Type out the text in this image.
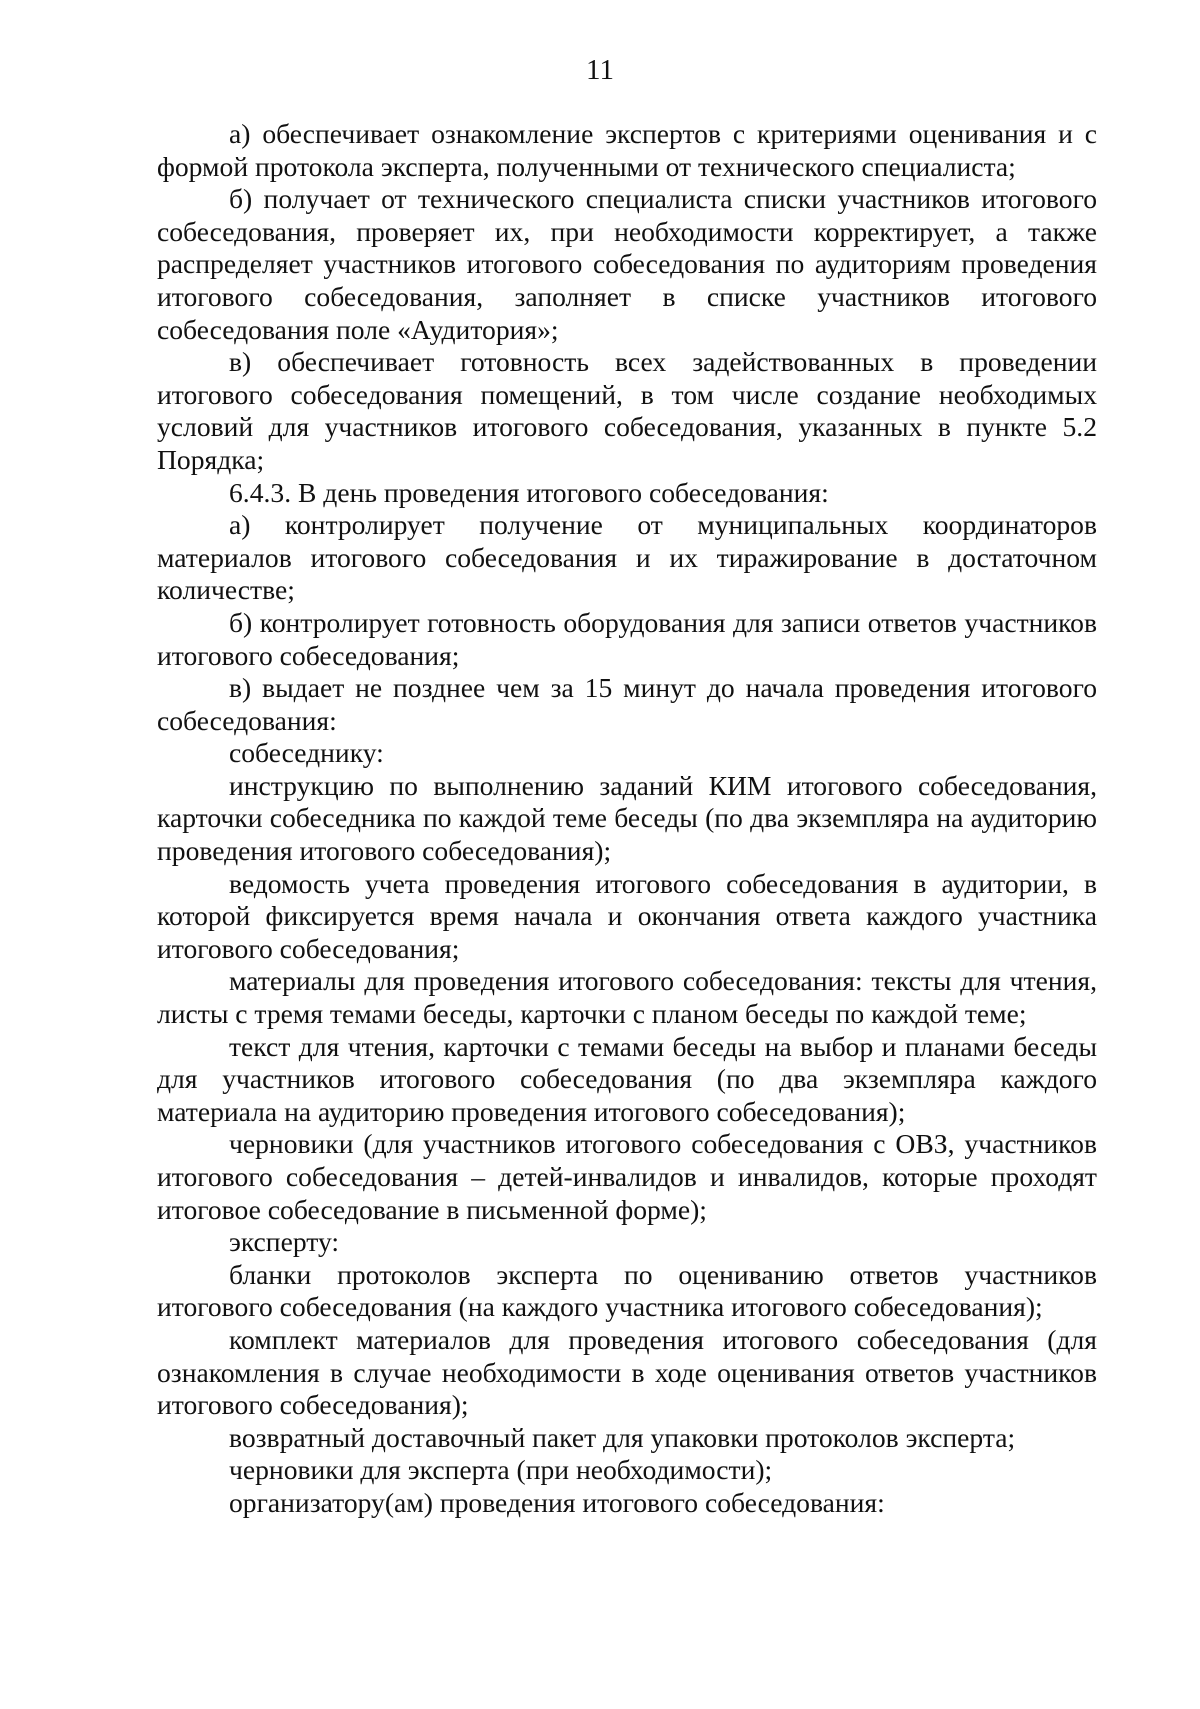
11

а) обеспечивает ознакомление экспертов с критериями оценивания и с формой протокола эксперта, полученными от технического специалиста;

б) получает от технического специалиста списки участников итогового собеседования, проверяет их, при необходимости корректирует, а также распределяет участников итогового собеседования по аудиториям проведения итогового собеседования, заполняет в списке участников итогового собеседования поле «Аудитория»;

в) обеспечивает готовность всех задействованных в проведении итогового собеседования помещений, в том числе создание необходимых условий для участников итогового собеседования, указанных в пункте 5.2 Порядка;

6.4.3. В день проведения итогового собеседования:

а) контролирует получение от муниципальных координаторов материалов итогового собеседования и их тиражирование в достаточном количестве;

б) контролирует готовность оборудования для записи ответов участников итогового собеседования;

в) выдает не позднее чем за 15 минут до начала проведения итогового собеседования:

собеседнику:

инструкцию по выполнению заданий КИМ итогового собеседования, карточки собеседника по каждой теме беседы (по два экземпляра на аудиторию проведения итогового собеседования);

ведомость учета проведения итогового собеседования в аудитории, в которой фиксируется время начала и окончания ответа каждого участника итогового собеседования;

материалы для проведения итогового собеседования: тексты для чтения, листы с тремя темами беседы, карточки с планом беседы по каждой теме;

текст для чтения, карточки с темами беседы на выбор и планами беседы для участников итогового собеседования (по два экземпляра каждого материала на аудиторию проведения итогового собеседования);

черновики (для участников итогового собеседования с ОВЗ, участников итогового собеседования – детей-инвалидов и инвалидов, которые проходят итоговое собеседование в письменной форме);

эксперту:

бланки протоколов эксперта по оцениванию ответов участников итогового собеседования (на каждого участника итогового собеседования);

комплект материалов для проведения итогового собеседования (для ознакомления в случае необходимости в ходе оценивания ответов участников итогового собеседования);

возвратный доставочный пакет для упаковки протоколов эксперта;

черновики для эксперта (при необходимости);

организатору(ам) проведения итогового собеседования:
